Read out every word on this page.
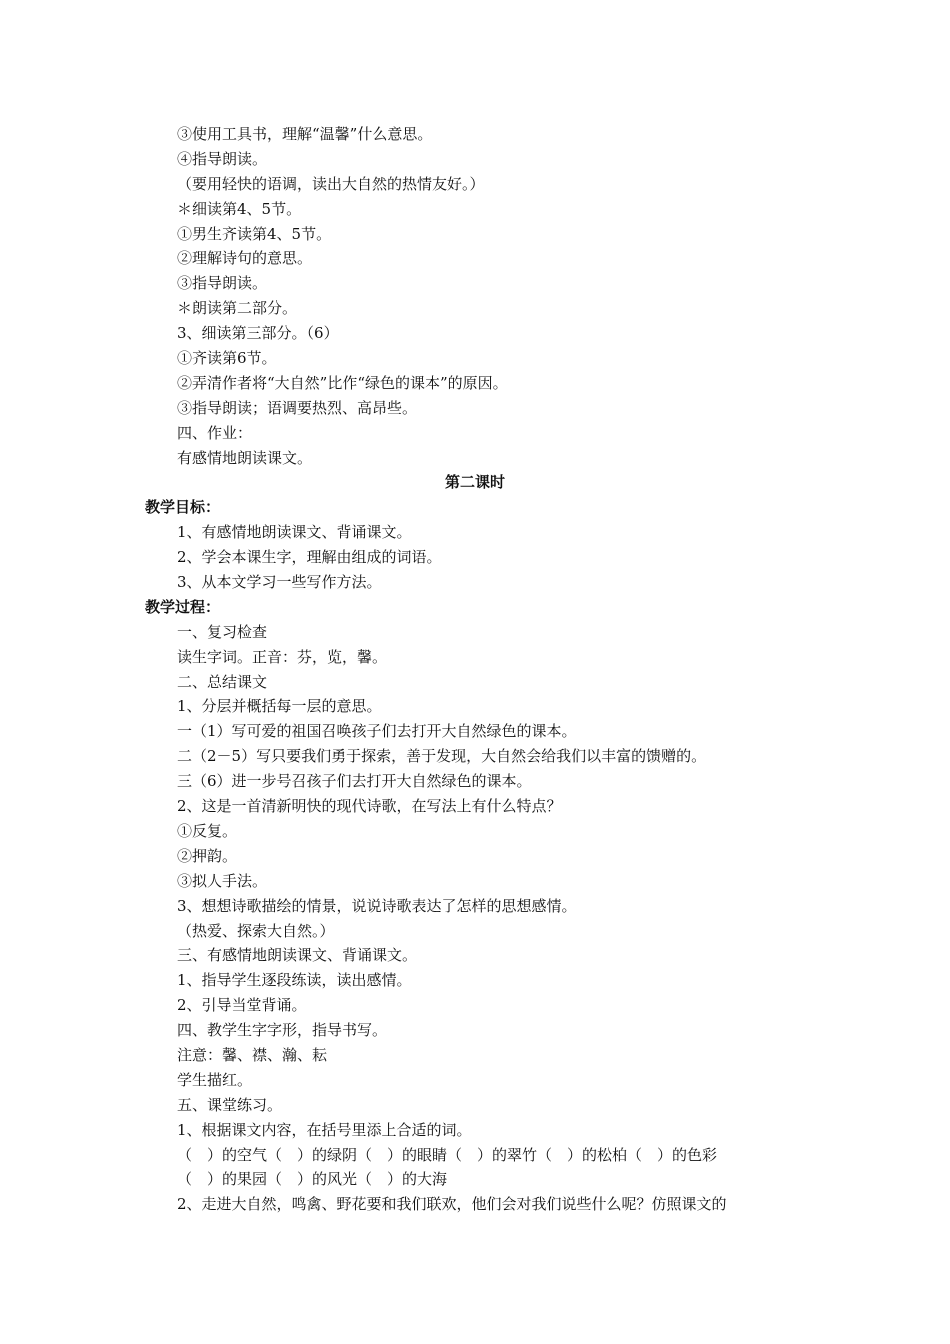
③使用工具书，理解“温馨”什么意思。
④指导朗读。
（要用轻快的语调，读出大自然的热情友好。）
＊细读第4、5节。
①男生齐读第4、5节。
②理解诗句的意思。
③指导朗读。
＊朗读第二部分。
3、细读第三部分。（6）
①齐读第6节。
②弄清作者将“大自然”比作“绿色的课本”的原因。
③指导朗读；语调要热烈、高昂些。
四、作业：
有感情地朗读课文。
第二课时
教学目标：
1、有感情地朗读课文、背诵课文。
2、学会本课生字，理解由组成的词语。
3、从本文学习一些写作方法。
教学过程：
一、复习检查
读生字词。正音：芬，览，馨。
二、总结课文
1、分层并概括每一层的意思。
一（1）写可爱的祖国召唤孩子们去打开大自然绿色的课本。
二（2－5）写只要我们勇于探索，善于发现，大自然会给我们以丰富的馈赠的。
三（6）进一步号召孩子们去打开大自然绿色的课本。
2、这是一首清新明快的现代诗歌，在写法上有什么特点？
①反复。
②押韵。
③拟人手法。
3、想想诗歌描绘的情景，说说诗歌表达了怎样的思想感情。
（热爱、探索大自然。）
三、有感情地朗读课文、背诵课文。
1、指导学生逐段练读，读出感情。
2、引导当堂背诵。
四、教学生字字形，指导书写。
注意：馨、襟、瀚、耘
学生描红。
五、课堂练习。
1、根据课文内容，在括号里添上合适的词。
（　）的空气（　）的绿阴（　）的眼睛（　）的翠竹（　）的松柏（　）的色彩
（　）的果园（　）的风光（　）的大海
2、走进大自然，鸣禽、野花要和我们联欢，他们会对我们说些什么呢？仿照课文的
